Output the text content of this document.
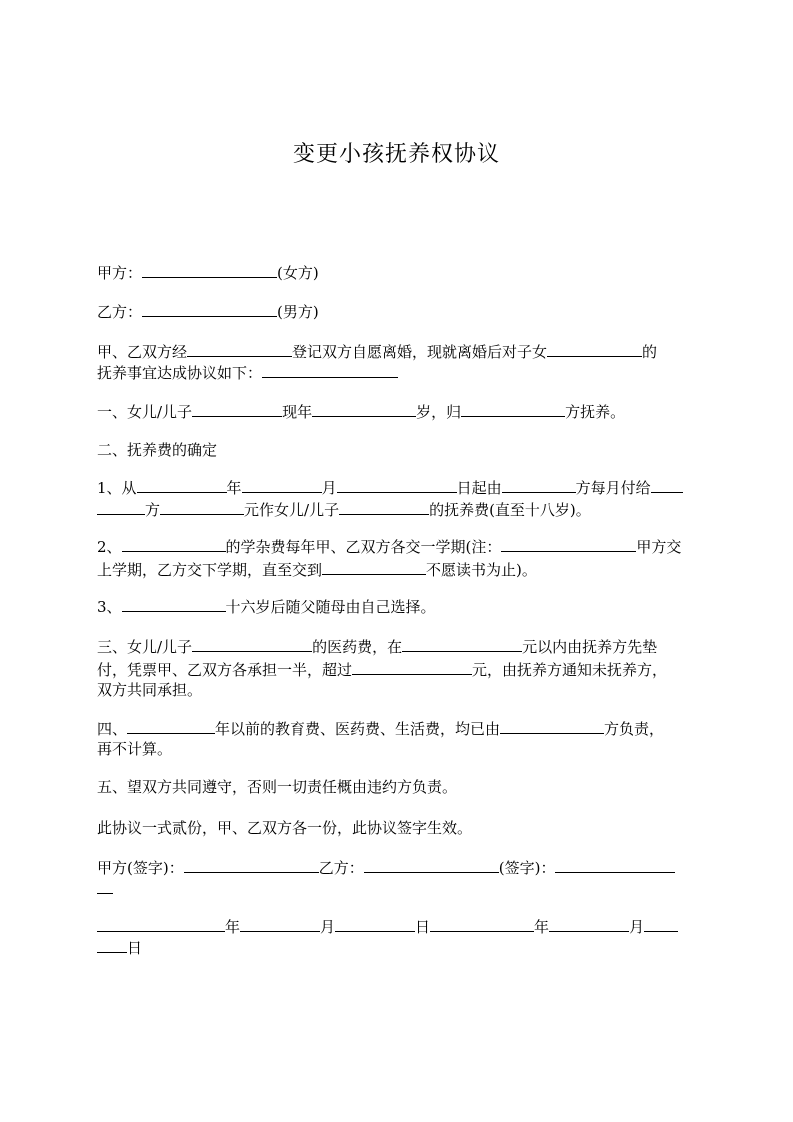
变更小孩抚养权协议
甲方：	(女方)
乙方：	(男方)
甲、乙双方经	登记双方自愿离婚，现就离婚后对子女	的
抚养事宜达成协议如下：
一、女儿/儿子	现年	岁，归	方抚养。
二、抚养费的确定
1、从	年	月	日起由	方每月付给
方	元作女儿/儿子	的抚养费(直至十八岁)。
2、	的学杂费每年甲、乙双方各交一学期(注：	甲方交
上学期，乙方交下学期，直至交到	不愿读书为止)。
3、	十六岁后随父随母由自己选择。
三、女儿/儿子	的医药费，在	元以内由抚养方先垫
付，凭票甲、乙双方各承担一半，超过	元，由抚养方通知未抚养方，
双方共同承担。
四、	年以前的教育费、医药费、生活费，均已由	方负责，
再不计算。
五、望双方共同遵守，否则一切责任概由违约方负责。
此协议一式贰份，甲、乙双方各一份，此协议签字生效。
甲方(签字)：	乙方：	(签字)：
年	月	日	年	月
日
